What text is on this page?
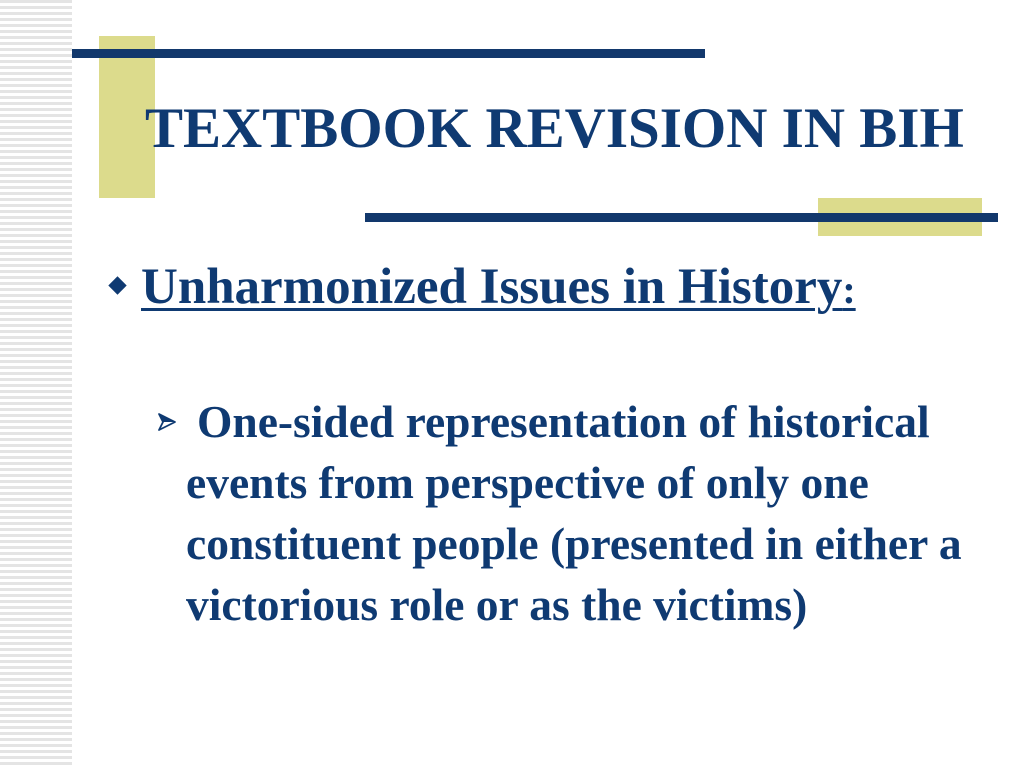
TEXTBOOK REVISION IN BIH
Unharmonized Issues in History:
One-sided representation of historical
events from perspective of only one
constituent people (presented in either a
victorious role or as the victims)
